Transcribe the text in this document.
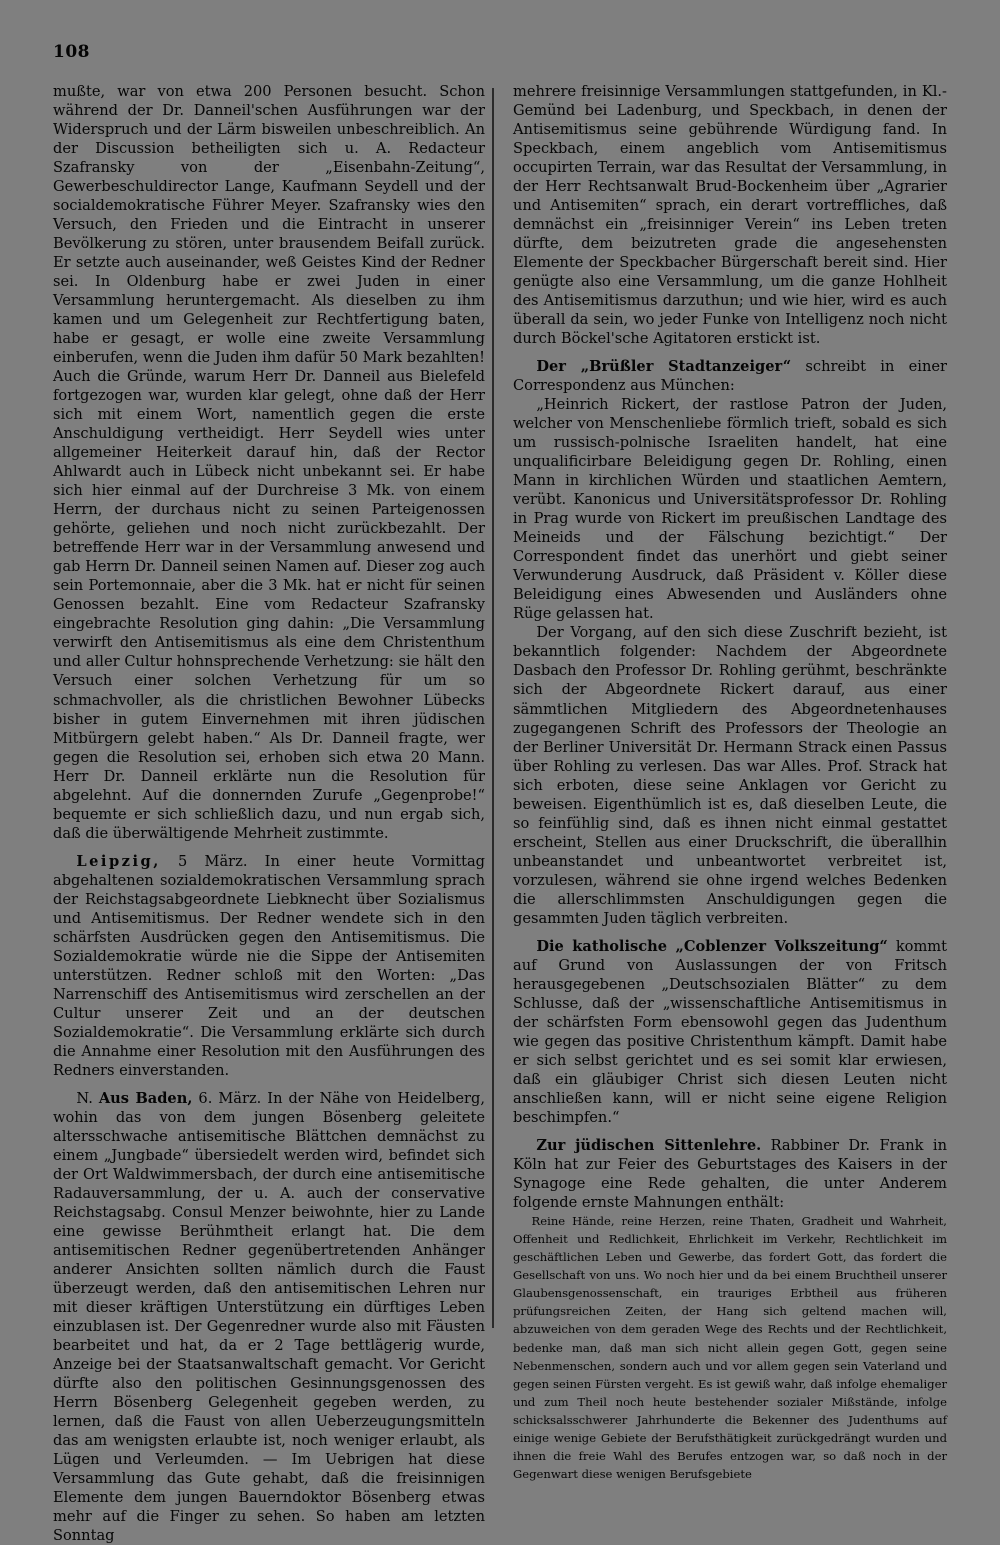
108

mußte, war von etwa 200 Personen besucht. Schon während der Dr. Danneil'schen Ausführungen war der Widerspruch und der Lärm bisweilen unbeschreiblich. An der Discussion betheiligten sich u. A. Redacteur Szafransky von der „Eisenbahn-Zeitung“, Gewerbeschuldirector Lange, Kaufmann Seydell und der socialdemokratische Führer Meyer. Szafransky wies den Versuch, den Frieden und die Eintracht in unserer Bevölkerung zu stören, unter brausendem Beifall zurück. Er setzte auch auseinander, weß Geistes Kind der Redner sei. In Oldenburg habe er zwei Juden in einer Versammlung heruntergemacht. Als dieselben zu ihm kamen und um Gelegenheit zur Rechtfertigung baten, habe er gesagt, er wolle eine zweite Versammlung einberufen, wenn die Juden ihm dafür 50 Mark bezahlten! Auch die Gründe, warum Herr Dr. Danneil aus Bielefeld fortgezogen war, wurden klar gelegt, ohne daß der Herr sich mit einem Wort, namentlich gegen die erste Anschuldigung vertheidigt. Herr Seydell wies unter allgemeiner Heiterkeit darauf hin, daß der Rector Ahlwardt auch in Lübeck nicht unbekannt sei. Er habe sich hier einmal auf der Durchreise 3 Mk. von einem Herrn, der durchaus nicht zu seinen Parteigenossen gehörte, geliehen und noch nicht zurückbezahlt. Der betreffende Herr war in der Versammlung anwesend und gab Herrn Dr. Danneil seinen Namen auf. Dieser zog auch sein Portemonnaie, aber die 3 Mk. hat er nicht für seinen Genossen bezahlt. Eine vom Redacteur Szafransky eingebrachte Resolution ging dahin: „Die Versammlung verwirft den Antisemitismus als eine dem Christenthum und aller Cultur hohnsprechende Verhetzung: sie hält den Versuch einer solchen Verhetzung für um so schmachvoller, als die christlichen Bewohner Lübecks bisher in gutem Einvernehmen mit ihren jüdischen Mitbürgern gelebt haben.“ Als Dr. Danneil fragte, wer gegen die Resolution sei, erhoben sich etwa 20 Mann. Herr Dr. Danneil erklärte nun die Resolution für abgelehnt. Auf die donnernden Zurufe „Gegenprobe!“ bequemte er sich schließlich dazu, und nun ergab sich, daß die überwältigende Mehrheit zustimmte.

Leipzig, 5 März. In einer heute Vormittag abgehaltenen sozialdemokratischen Versammlung sprach der Reichstagsabgeordnete Liebknecht über Sozialismus und Antisemitismus. Der Redner wendete sich in den schärfsten Ausdrücken gegen den Antisemitismus. Die Sozialdemokratie würde nie die Sippe der Antisemiten unterstützen. Redner schloß mit den Worten: „Das Narrenschiff des Antisemitismus wird zerschellen an der Cultur unserer Zeit und an der deutschen Sozialdemokratie“. Die Versammlung erklärte sich durch die Annahme einer Resolution mit den Ausführungen des Redners einverstanden.

N. Aus Baden, 6. März. In der Nähe von Heidelberg, wohin das von dem jungen Bösenberg geleitete altersschwache antisemitische Blättchen demnächst zu einem „Jungbade“ übersiedelt werden wird, befindet sich der Ort Waldwimmersbach, der durch eine antisemitische Radauversammlung, der u. A. auch der conservative Reichstagsabg. Consul Menzer beiwohnte, hier zu Lande eine gewisse Berühmtheit erlangt hat. Die dem antisemitischen Redner gegenübertretenden Anhänger anderer Ansichten sollten nämlich durch die Faust überzeugt werden, daß den antisemitischen Lehren nur mit dieser kräftigen Unterstützung ein dürftiges Leben einzublasen ist. Der Gegenredner wurde also mit Fäusten bearbeitet und hat, da er 2 Tage bettlägerig wurde, Anzeige bei der Staatsanwaltschaft gemacht. Vor Gericht dürfte also den politischen Gesinnungsgenossen des Herrn Bösenberg Gelegenheit gegeben werden, zu lernen, daß die Faust von allen Ueberzeugungsmitteln das am wenigsten erlaubte ist, noch weniger erlaubt, als Lügen und Verleumden. — Im Uebrigen hat diese Versammlung das Gute gehabt, daß die freisinnigen Elemente dem jungen Bauerndoktor Bösenberg etwas mehr auf die Finger zu sehen. So haben am letzten Sonntag

mehrere freisinnige Versammlungen stattgefunden, in Kl.-Gemünd bei Ladenburg, und Speckbach, in denen der Antisemitismus seine gebührende Würdigung fand. In Speckbach, einem angeblich vom Antisemitismus occupirten Terrain, war das Resultat der Versammlung, in der Herr Rechtsanwalt Brud-Bockenheim über „Agrarier und Antisemiten“ sprach, ein derart vortreffliches, daß demnächst ein „freisinniger Verein“ ins Leben treten dürfte, dem beizutreten grade die angesehensten Elemente der Speckbacher Bürgerschaft bereit sind. Hier genügte also eine Versammlung, um die ganze Hohlheit des Antisemitismus darzuthun; und wie hier, wird es auch überall da sein, wo jeder Funke von Intelligenz noch nicht durch Böckel'sche Agitatoren erstickt ist.

Der „Brüßler Stadtanzeiger“ schreibt in einer Correspondenz aus München:

„Heinrich Rickert, der rastlose Patron der Juden, welcher von Menschenliebe förmlich trieft, sobald es sich um russisch-polnische Israeliten handelt, hat eine unqualificirbare Beleidigung gegen Dr. Rohling, einen Mann in kirchlichen Würden und staatlichen Aemtern, verübt. Kanonicus und Universitätsprofessor Dr. Rohling in Prag wurde von Rickert im preußischen Landtage des Meineids und der Fälschung bezichtigt.“ Der Correspondent findet das unerhört und giebt seiner Verwunderung Ausdruck, daß Präsident v. Köller diese Beleidigung eines Abwesenden und Ausländers ohne Rüge gelassen hat.

Der Vorgang, auf den sich diese Zuschrift bezieht, ist bekanntlich folgender: Nachdem der Abgeordnete Dasbach den Professor Dr. Rohling gerühmt, beschränkte sich der Abgeordnete Rickert darauf, aus einer sämmtlichen Mitgliedern des Abgeordnetenhauses zugegangenen Schrift des Professors der Theologie an der Berliner Universität Dr. Hermann Strack einen Passus über Rohling zu verlesen. Das war Alles. Prof. Strack hat sich erboten, diese seine Anklagen vor Gericht zu beweisen. Eigenthümlich ist es, daß dieselben Leute, die so feinfühlig sind, daß es ihnen nicht einmal gestattet erscheint, Stellen aus einer Druckschrift, die überallhin unbeanstandet und unbeantwortet verbreitet ist, vorzulesen, während sie ohne irgend welches Bedenken die allerschlimmsten Anschuldigungen gegen die gesammten Juden täglich verbreiten.

Die katholische „Coblenzer Volkszeitung“ kommt auf Grund von Auslassungen der von Fritsch herausgegebenen „Deutschsozialen Blätter“ zu dem Schlusse, daß der „wissenschaftliche Antisemitismus in der schärfsten Form ebensowohl gegen das Judenthum wie gegen das positive Christenthum kämpft. Damit habe er sich selbst gerichtet und es sei somit klar erwiesen, daß ein gläubiger Christ sich diesen Leuten nicht anschließen kann, will er nicht seine eigene Religion beschimpfen.“

Zur jüdischen Sittenlehre. Rabbiner Dr. Frank in Köln hat zur Feier des Geburtstages des Kaisers in der Synagoge eine Rede gehalten, die unter Anderem folgende ernste Mahnungen enthält:

Reine Hände, reine Herzen, reine Thaten, Gradheit und Wahrheit, Offenheit und Redlichkeit, Ehrlichkeit im Verkehr, Rechtlichkeit im geschäftlichen Leben und Gewerbe, das fordert Gott, das fordert die Gesellschaft von uns. Wo noch hier und da bei einem Bruchtheil unserer Glaubensgenossenschaft, ein trauriges Erbtheil aus früheren prüfungsreichen Zeiten, der Hang sich geltend machen will, abzuweichen von dem geraden Wege des Rechts und der Rechtlichkeit, bedenke man, daß man sich nicht allein gegen Gott, gegen seine Nebenmenschen, sondern auch und vor allem gegen sein Vaterland und gegen seinen Fürsten vergeht. Es ist gewiß wahr, daß infolge ehemaliger und zum Theil noch heute bestehender sozialer Mißstände, infolge schicksalsschwerer Jahrhunderte die Bekenner des Judenthums auf einige wenige Gebiete der Berufsthätigkeit zurückgedrängt wurden und ihnen die freie Wahl des Berufes entzogen war, so daß noch in der Gegenwart diese wenigen Berufsgebiete
